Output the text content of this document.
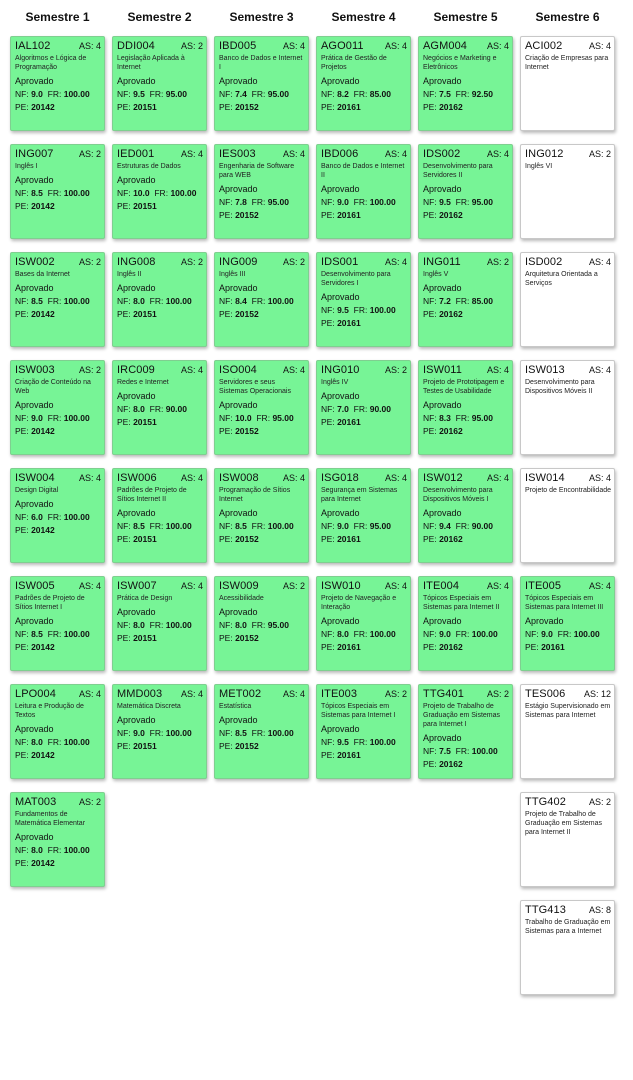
Semestre 1
IAL102	AS: 4
Algoritmos e Lógica de Programação
Aprovado
NF: 9.0 FR: 100.00
PE: 20142
ING007	AS: 2
Inglês I
Aprovado
NF: 8.5 FR: 100.00
PE: 20142
ISW002	AS: 2
Bases da Internet
Aprovado
NF: 8.5 FR: 100.00
PE: 20142
ISW003	AS: 2
Criação de Conteúdo na Web
Aprovado
NF: 9.0 FR: 100.00
PE: 20142
ISW004	AS: 4
Design Digital
Aprovado
NF: 6.0 FR: 100.00
PE: 20142
ISW005	AS: 4
Padrões de Projeto de Sítios Internet I
Aprovado
NF: 8.5 FR: 100.00
PE: 20142
LPO004	AS: 4
Leitura e Produção de Textos
Aprovado
NF: 8.0 FR: 100.00
PE: 20142
MAT003	AS: 2
Fundamentos de Matemática Elementar
Aprovado
NF: 8.0 FR: 100.00
PE: 20142
Semestre 2
DDI004	AS: 2
Legislação Aplicada à Internet
Aprovado
NF: 9.5 FR: 95.00
PE: 20151
IED001	AS: 4
Estruturas de Dados
Aprovado
NF: 10.0 FR: 100.00
PE: 20151
ING008	AS: 2
Inglês II
Aprovado
NF: 8.0 FR: 100.00
PE: 20151
IRC009	AS: 4
Redes e Internet
Aprovado
NF: 8.0 FR: 90.00
PE: 20151
ISW006	AS: 4
Padrões de Projeto de Sítios Internet II
Aprovado
NF: 8.5 FR: 100.00
PE: 20151
ISW007	AS: 4
Prática de Design
Aprovado
NF: 8.0 FR: 100.00
PE: 20151
MMD003 AS: 4
Matemática Discreta
Aprovado
NF: 9.0 FR: 100.00
PE: 20151
Semestre 3
IBD005	AS: 4
Banco de Dados e Internet I
Aprovado
NF: 7.4 FR: 95.00
PE: 20152
IES003	AS: 4
Engenharia de Software para WEB
Aprovado
NF: 7.8 FR: 95.00
PE: 20152
ING009	AS: 2
Inglês III
Aprovado
NF: 8.4 FR: 100.00
PE: 20152
ISO004	AS: 4
Servidores e seus Sistemas Operacionais
Aprovado
NF: 10.0 FR: 95.00
PE: 20152
ISW008	AS: 4
Programação de Sítios Internet
Aprovado
NF: 8.5 FR: 100.00
PE: 20152
ISW009	AS: 2
Acessibilidade
Aprovado
NF: 8.0 FR: 95.00
PE: 20152
MET002 AS: 4
Estatística
Aprovado
NF: 8.5 FR: 100.00
PE: 20152
Semestre 4
AGO011 AS: 4
Prática de Gestão de Projetos
Aprovado
NF: 8.2 FR: 85.00
PE: 20161
IBD006	AS: 4
Banco de Dados e Internet II
Aprovado
NF: 9.0 FR: 100.00
PE: 20161
IDS001	AS: 4
Desenvolvimento para Servidores I
Aprovado
NF: 9.5 FR: 100.00
PE: 20161
ING010	AS: 2
Inglês IV
Aprovado
NF: 7.0 FR: 90.00
PE: 20161
ISG018	AS: 4
Segurança em Sistemas para Internet
Aprovado
NF: 9.0 FR: 95.00
PE: 20161
ISW010	AS: 4
Projeto de Navegação e Interação
Aprovado
NF: 8.0 FR: 100.00
PE: 20161
ITE003	AS: 2
Tópicos Especiais em Sistemas para Internet I
Aprovado
NF: 9.5 FR: 100.00
PE: 20161
Semestre 5
AGM004 AS: 4
Negócios e Marketing e Eletrônicos
Aprovado
NF: 7.5 FR: 92.50
PE: 20162
IDS002	AS: 4
Desenvolvimento para Servidores II
Aprovado
NF: 9.5 FR: 95.00
PE: 20162
ING011	AS: 2
Inglês V
Aprovado
NF: 7.2 FR: 85.00
PE: 20162
ISW011	AS: 4
Projeto de Prototipagem e Testes de Usabilidade
Aprovado
NF: 8.3 FR: 95.00
PE: 20162
ISW012	AS: 4
Desenvolvimento para Dispositivos Móveis I
Aprovado
NF: 9.4 FR: 90.00
PE: 20162
ITE004	AS: 4
Tópicos Especiais em Sistemas para Internet II
Aprovado
NF: 9.0 FR: 100.00
PE: 20162
TTG401	AS: 2
Projeto de Trabalho de Graduação em Sistemas para Internet I
Aprovado
NF: 7.5 FR: 100.00
PE: 20162
Semestre 6
ACI002	AS: 4
Criação de Empresas para Internet
ING012	AS: 2
Inglês VI
ISD002	AS: 4
Arquitetura Orientada a Serviços
ISW013	AS: 4
Desenvolvimento para Dispositivos Móveis II
ISW014	AS: 4
Projeto de Encontrabilidade
ITE005	AS: 4
Tópicos Especiais em Sistemas para Internet III
Aprovado
NF: 9.0 FR: 100.00
PE: 20161
TES006 AS: 12
Estágio Supervisionado em Sistemas para Internet
TTG402	AS: 2
Projeto de Trabalho de Graduação em Sistemas para Internet II
TTG413	AS: 8
Trabalho de Graduação em Sistemas para a Internet
